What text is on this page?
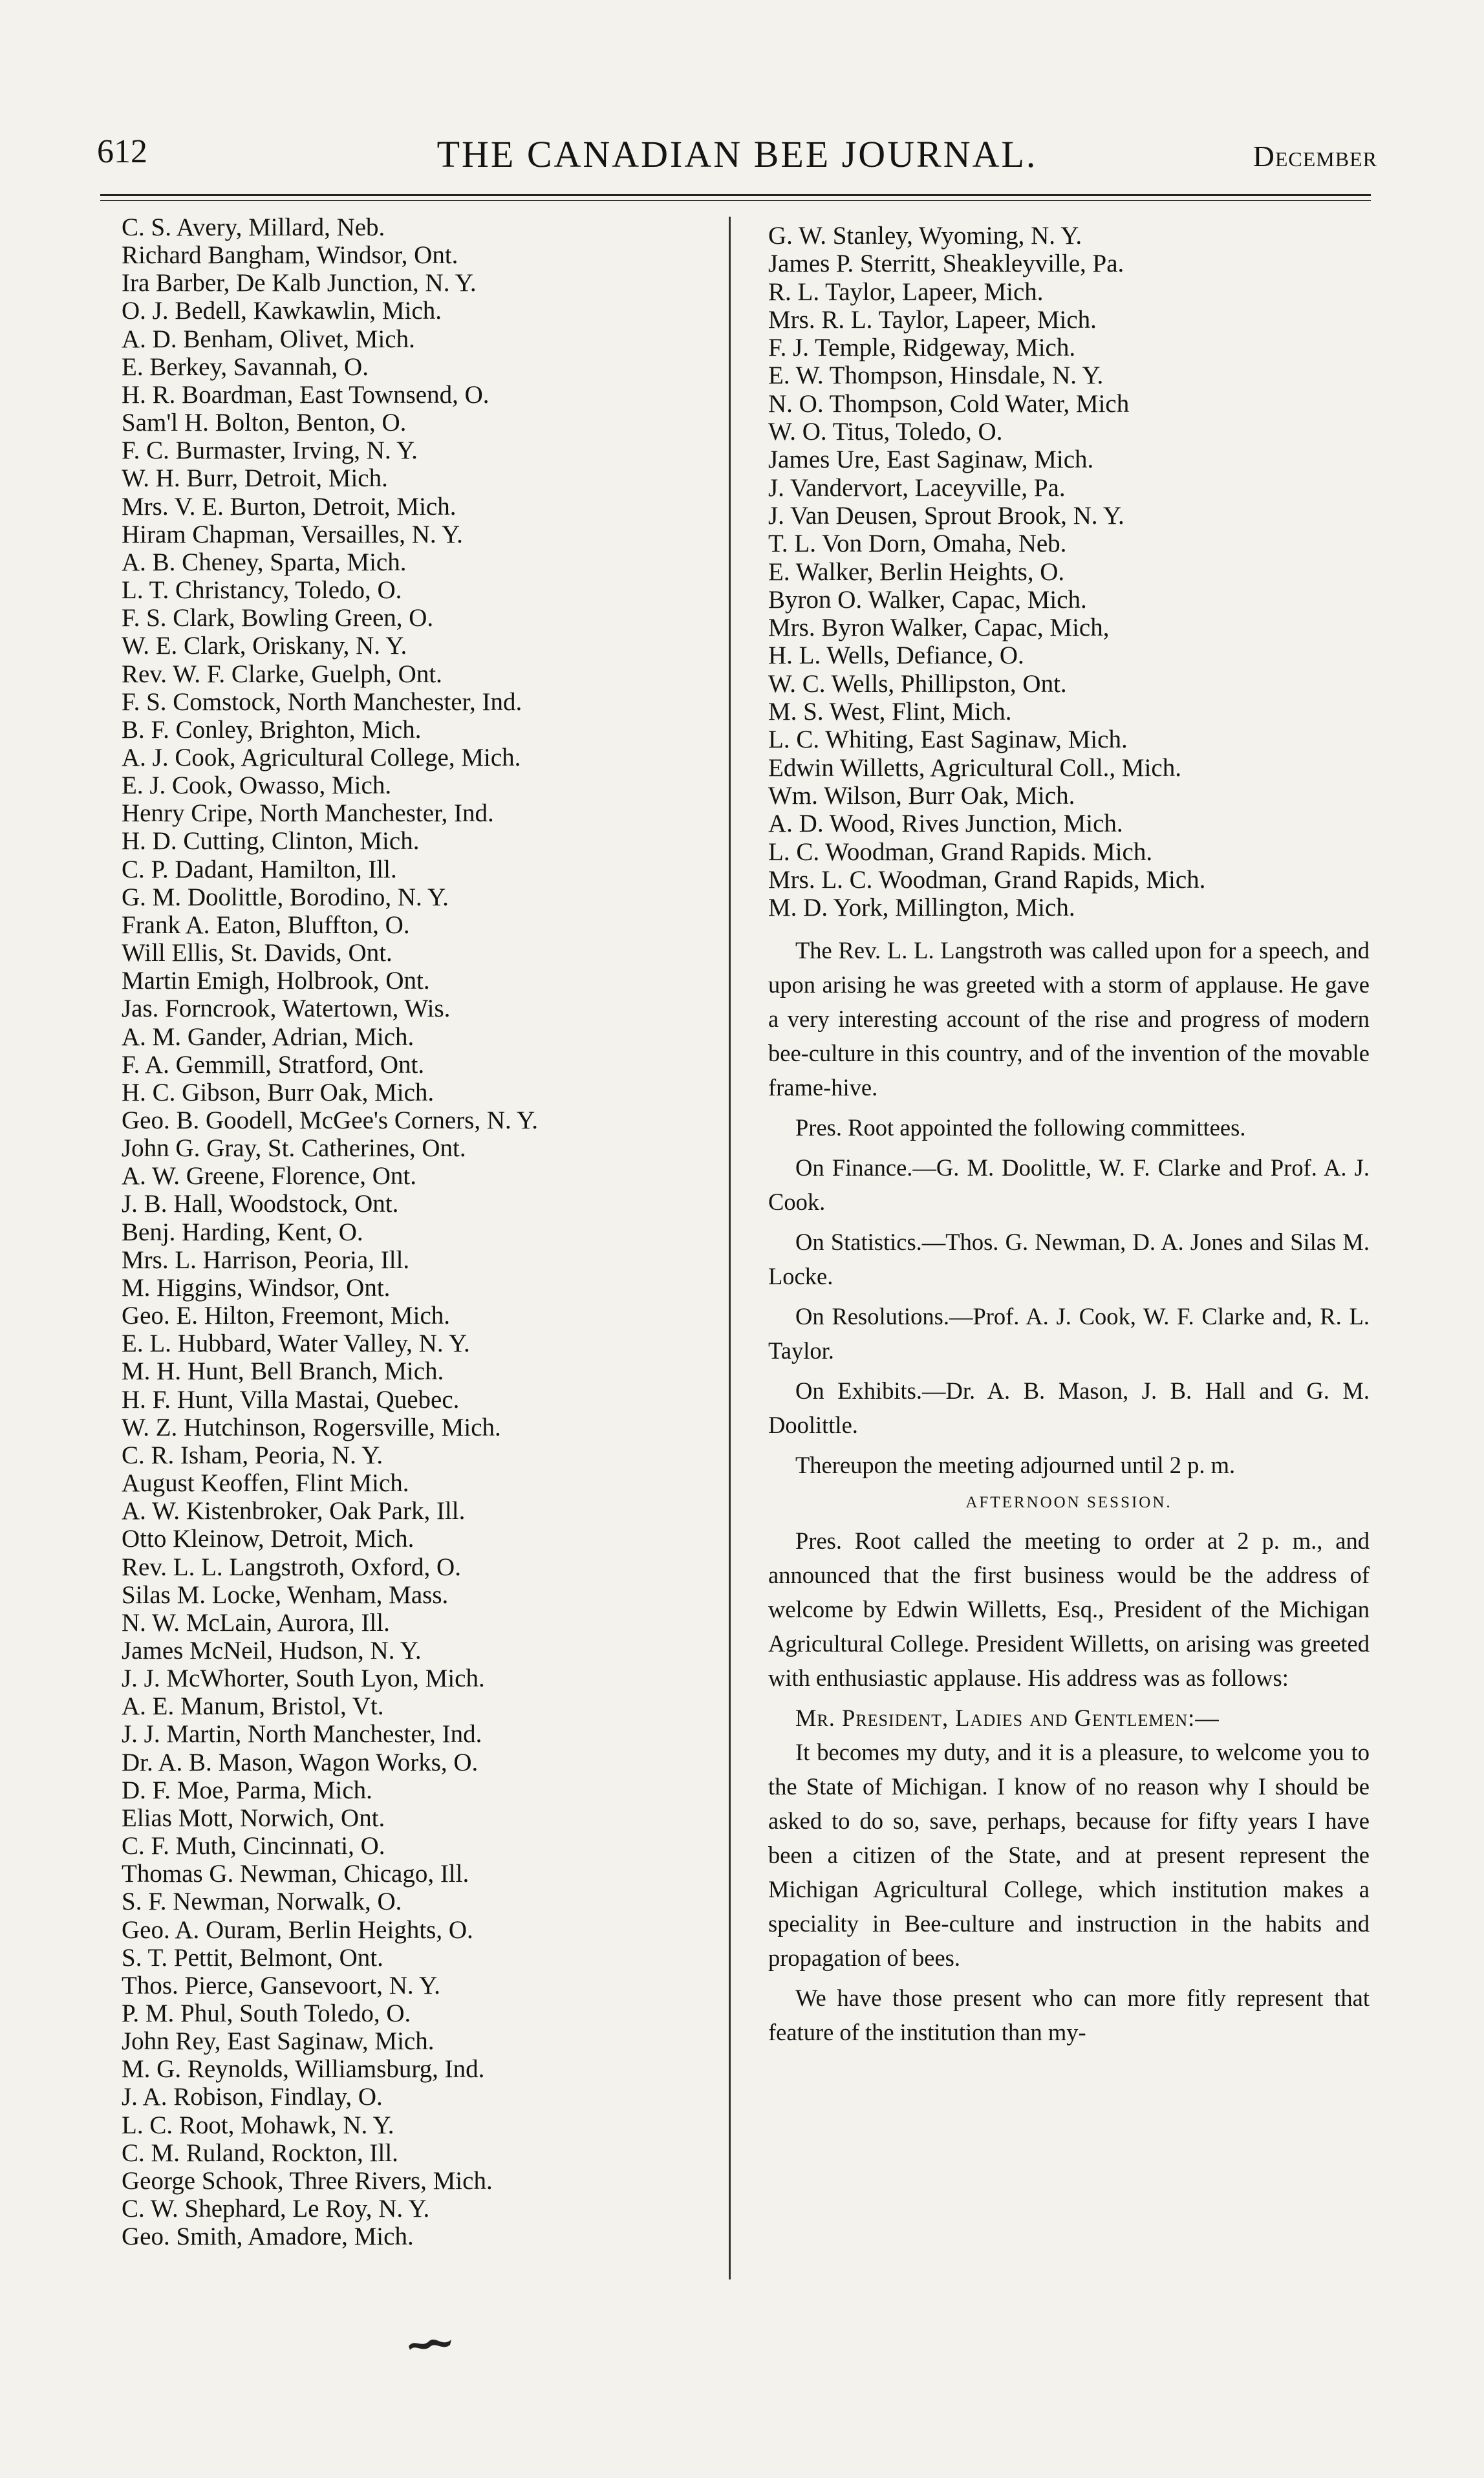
612	THE CANADIAN BEE JOURNAL.	December
C. S. Avery, Millard, Neb.
Richard Bangham, Windsor, Ont.
Ira Barber, De Kalb Junction, N. Y.
O. J. Bedell, Kawkawlin, Mich.
A. D. Benham, Olivet, Mich.
E. Berkey, Savannah, O.
H. R. Boardman, East Townsend, O.
Sam'l H. Bolton, Benton, O.
F. C. Burmaster, Irving, N. Y.
W. H. Burr, Detroit, Mich.
Mrs. V. E. Burton, Detroit, Mich.
Hiram Chapman, Versailles, N. Y.
A. B. Cheney, Sparta, Mich.
L. T. Christancy, Toledo, O.
F. S. Clark, Bowling Green, O.
W. E. Clark, Oriskany, N. Y.
Rev. W. F. Clarke, Guelph, Ont.
F. S. Comstock, North Manchester, Ind.
B. F. Conley, Brighton, Mich.
A. J. Cook, Agricultural College, Mich.
E. J. Cook, Owasso, Mich.
Henry Cripe, North Manchester, Ind.
H. D. Cutting, Clinton, Mich.
C. P. Dadant, Hamilton, Ill.
G. M. Doolittle, Borodino, N. Y.
Frank A. Eaton, Bluffton, O.
Will Ellis, St. Davids, Ont.
Martin Emigh, Holbrook, Ont.
Jas. Forncrook, Watertown, Wis.
A. M. Gander, Adrian, Mich.
F. A. Gemmill, Stratford, Ont.
H. C. Gibson, Burr Oak, Mich.
Geo. B. Goodell, McGee's Corners, N. Y.
John G. Gray, St. Catherines, Ont.
A. W. Greene, Florence, Ont.
J. B. Hall, Woodstock, Ont.
Benj. Harding, Kent, O.
Mrs. L. Harrison, Peoria, Ill.
M. Higgins, Windsor, Ont.
Geo. E. Hilton, Freemont, Mich.
E. L. Hubbard, Water Valley, N. Y.
M. H. Hunt, Bell Branch, Mich.
H. F. Hunt, Villa Mastai, Quebec.
W. Z. Hutchinson, Rogersville, Mich.
C. R. Isham, Peoria, N. Y.
August Keoffen, Flint Mich.
A. W. Kistenbroker, Oak Park, Ill.
Otto Kleinow, Detroit, Mich.
Rev. L. L. Langstroth, Oxford, O.
Silas M. Locke, Wenham, Mass.
N. W. McLain, Aurora, Ill.
James McNeil, Hudson, N. Y.
J. J. McWhorter, South Lyon, Mich.
A. E. Manum, Bristol, Vt.
J. J. Martin, North Manchester, Ind.
Dr. A. B. Mason, Wagon Works, O.
D. F. Moe, Parma, Mich.
Elias Mott, Norwich, Ont.
C. F. Muth, Cincinnati, O.
Thomas G. Newman, Chicago, Ill.
S. F. Newman, Norwalk, O.
Geo. A. Ouram, Berlin Heights, O.
S. T. Pettit, Belmont, Ont.
Thos. Pierce, Gansevoort, N. Y.
P. M. Phul, South Toledo, O.
John Rey, East Saginaw, Mich.
M. G. Reynolds, Williamsburg, Ind.
J. A. Robison, Findlay, O.
L. C. Root, Mohawk, N. Y.
C. M. Ruland, Rockton, Ill.
George Schook, Three Rivers, Mich.
C. W. Shephard, Le Roy, N. Y.
Geo. Smith, Amadore, Mich.
G. W. Stanley, Wyoming, N. Y.
James P. Sterritt, Sheakleyville, Pa.
R. L. Taylor, Lapeer, Mich.
Mrs. R. L. Taylor, Lapeer, Mich.
F. J. Temple, Ridgeway, Mich.
E. W. Thompson, Hinsdale, N. Y.
N. O. Thompson, Cold Water, Mich
W. O. Titus, Toledo, O.
James Ure, East Saginaw, Mich.
J. Vandervort, Laceyville, Pa.
J. Van Deusen, Sprout Brook, N. Y.
T. L. Von Dorn, Omaha, Neb.
E. Walker, Berlin Heights, O.
Byron O. Walker, Capac, Mich.
Mrs. Byron Walker, Capac, Mich,
H. L. Wells, Defiance, O.
W. C. Wells, Phillipston, Ont.
M. S. West, Flint, Mich.
L. C. Whiting, East Saginaw, Mich.
Edwin Willetts, Agricultural Coll., Mich.
Wm. Wilson, Burr Oak, Mich.
A. D. Wood, Rives Junction, Mich.
L. C. Woodman, Grand Rapids. Mich.
Mrs. L. C. Woodman, Grand Rapids, Mich.
M. D. York, Millington, Mich.

The Rev. L. L. Langstroth was called upon for a speech, and upon arising he was greeted with a storm of applause. He gave a very interesting account of the rise and progress of modern bee-culture in this country, and of the invention of the movable frame-hive.

Pres. Root appointed the following committees.

On Finance.—G. M. Doolittle, W. F. Clarke and Prof. A. J. Cook.

On Statistics.—Thos. G. Newman, D. A. Jones and Silas M. Locke.

On Resolutions.—Prof. A. J. Cook, W. F. Clarke and, R. L. Taylor.

On Exhibits.—Dr. A. B. Mason, J. B. Hall and G. M. Doolittle.

Thereupon the meeting adjourned until 2 p. m.

AFTERNOON SESSION.

Pres. Root called the meeting to order at 2 p. m., and announced that the first business would be the address of welcome by Edwin Willetts, Esq., President of the Michigan Agricultural College. President Willetts, on arising was greeted with enthusiastic applause. His address was as follows:

Mr. President, Ladies and Gentlemen:—

It becomes my duty, and it is a pleasure, to welcome you to the State of Michigan. I know of no reason why I should be asked to do so, save, perhaps, because for fifty years I have been a citizen of the State, and at present represent the Michigan Agricultural College, which institution makes a speciality in Bee-culture and instruction in the habits and propagation of bees.

We have those present who can more fitly represent that feature of the institution than my-
